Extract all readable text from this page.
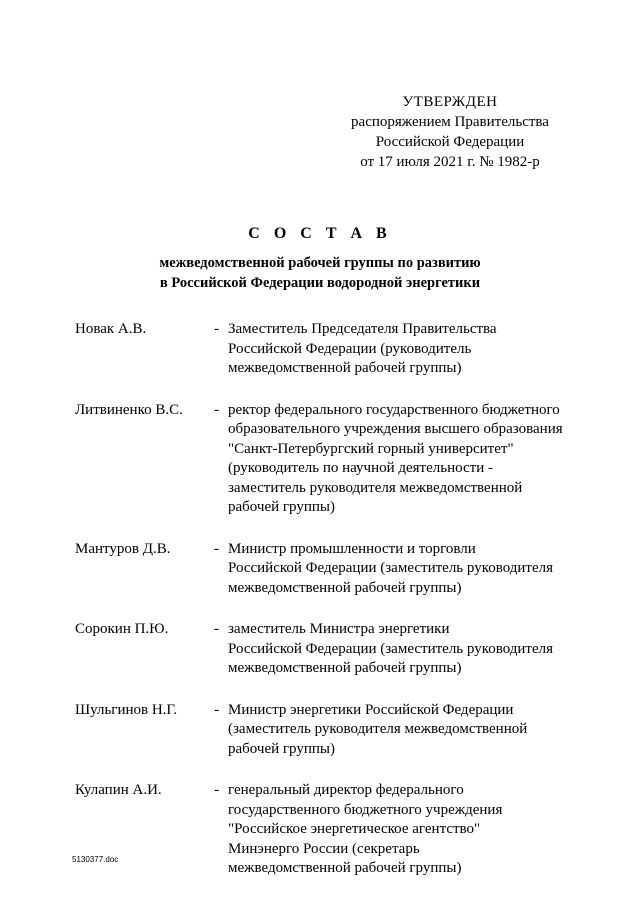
УТВЕРЖДЕН
распоряжением Правительства
Российской Федерации
от 17 июля 2021 г. № 1982-р
С О С Т А В
межведомственной рабочей группы по развитию
в Российской Федерации водородной энергетики
Новак А.В.	- Заместитель Председателя Правительства
Российской Федерации (руководитель
межведомственной рабочей группы)
Литвиненко В.С.	- ректор федерального государственного бюджетного
образовательного учреждения высшего образования
"Санкт-Петербургский горный университет"
(руководитель по научной деятельности -
заместитель руководителя межведомственной
рабочей группы)
Мантуров Д.В.	- Министр промышленности и торговли
Российской Федерации (заместитель руководителя
межведомственной рабочей группы)
Сорокин П.Ю.	- заместитель Министра энергетики
Российской Федерации (заместитель руководителя
межведомственной рабочей группы)
Шульгинов Н.Г.	- Министр энергетики Российской Федерации
(заместитель руководителя межведомственной
рабочей группы)
Кулапин А.И.	- генеральный директор федерального
государственного бюджетного учреждения
"Российское энергетическое агентство"
Минэнерго России (секретарь
межведомственной рабочей группы)
5130377.doc
